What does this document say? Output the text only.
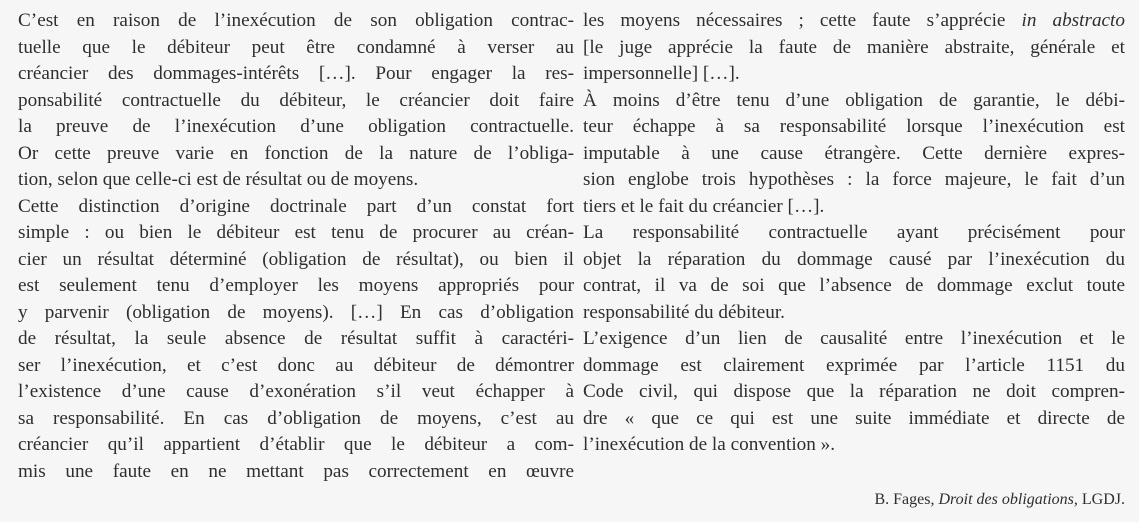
C’est en raison de l’inexécution de son obligation contrac-
tuelle que le débiteur peut être condamné à verser au
créancier des dommages-intérêts […]. Pour engager la res-
ponsabilité contractuelle du débiteur, le créancier doit faire
la preuve de l’inexécution d’une obligation contractuelle.
Or cette preuve varie en fonction de la nature de l’obliga-
tion, selon que celle-ci est de résultat ou de moyens.

Cette distinction d’origine doctrinale part d’un constat fort
simple : ou bien le débiteur est tenu de procurer au créan-
cier un résultat déterminé (obligation de résultat), ou bien il
est seulement tenu d’employer les moyens appropriés pour
y parvenir (obligation de moyens). […] En cas d’obligation
de résultat, la seule absence de résultat suffit à caractéri-
ser l’inexécution, et c’est donc au débiteur de démontrer
l’existence d’une cause d’exonération s’il veut échapper à
sa responsabilité. En cas d’obligation de moyens, c’est au
créancier qu’il appartient d’établir que le débiteur a com-
mis une faute en ne mettant pas correctement en œuvre

les moyens nécessaires ; cette faute s’apprécie in abstracto
[le juge apprécie la faute de manière abstraite, générale et
impersonnelle] […].

À moins d’être tenu d’une obligation de garantie, le débi-
teur échappe à sa responsabilité lorsque l’inexécution est
imputable à une cause étrangère. Cette dernière expres-
sion englobe trois hypothèses : la force majeure, le fait d’un
tiers et le fait du créancier […].

La responsabilité contractuelle ayant précisément pour
objet la réparation du dommage causé par l’inexécution du
contrat, il va de soi que l’absence de dommage exclut toute
responsabilité du débiteur.

L’exigence d’un lien de causalité entre l’inexécution et le
dommage est clairement exprimée par l’article 1151 du
Code civil, qui dispose que la réparation ne doit compren-
dre « que ce qui est une suite immédiate et directe de
l’inexécution de la convention ».

B. Fages, Droit des obligations, LGDJ.
